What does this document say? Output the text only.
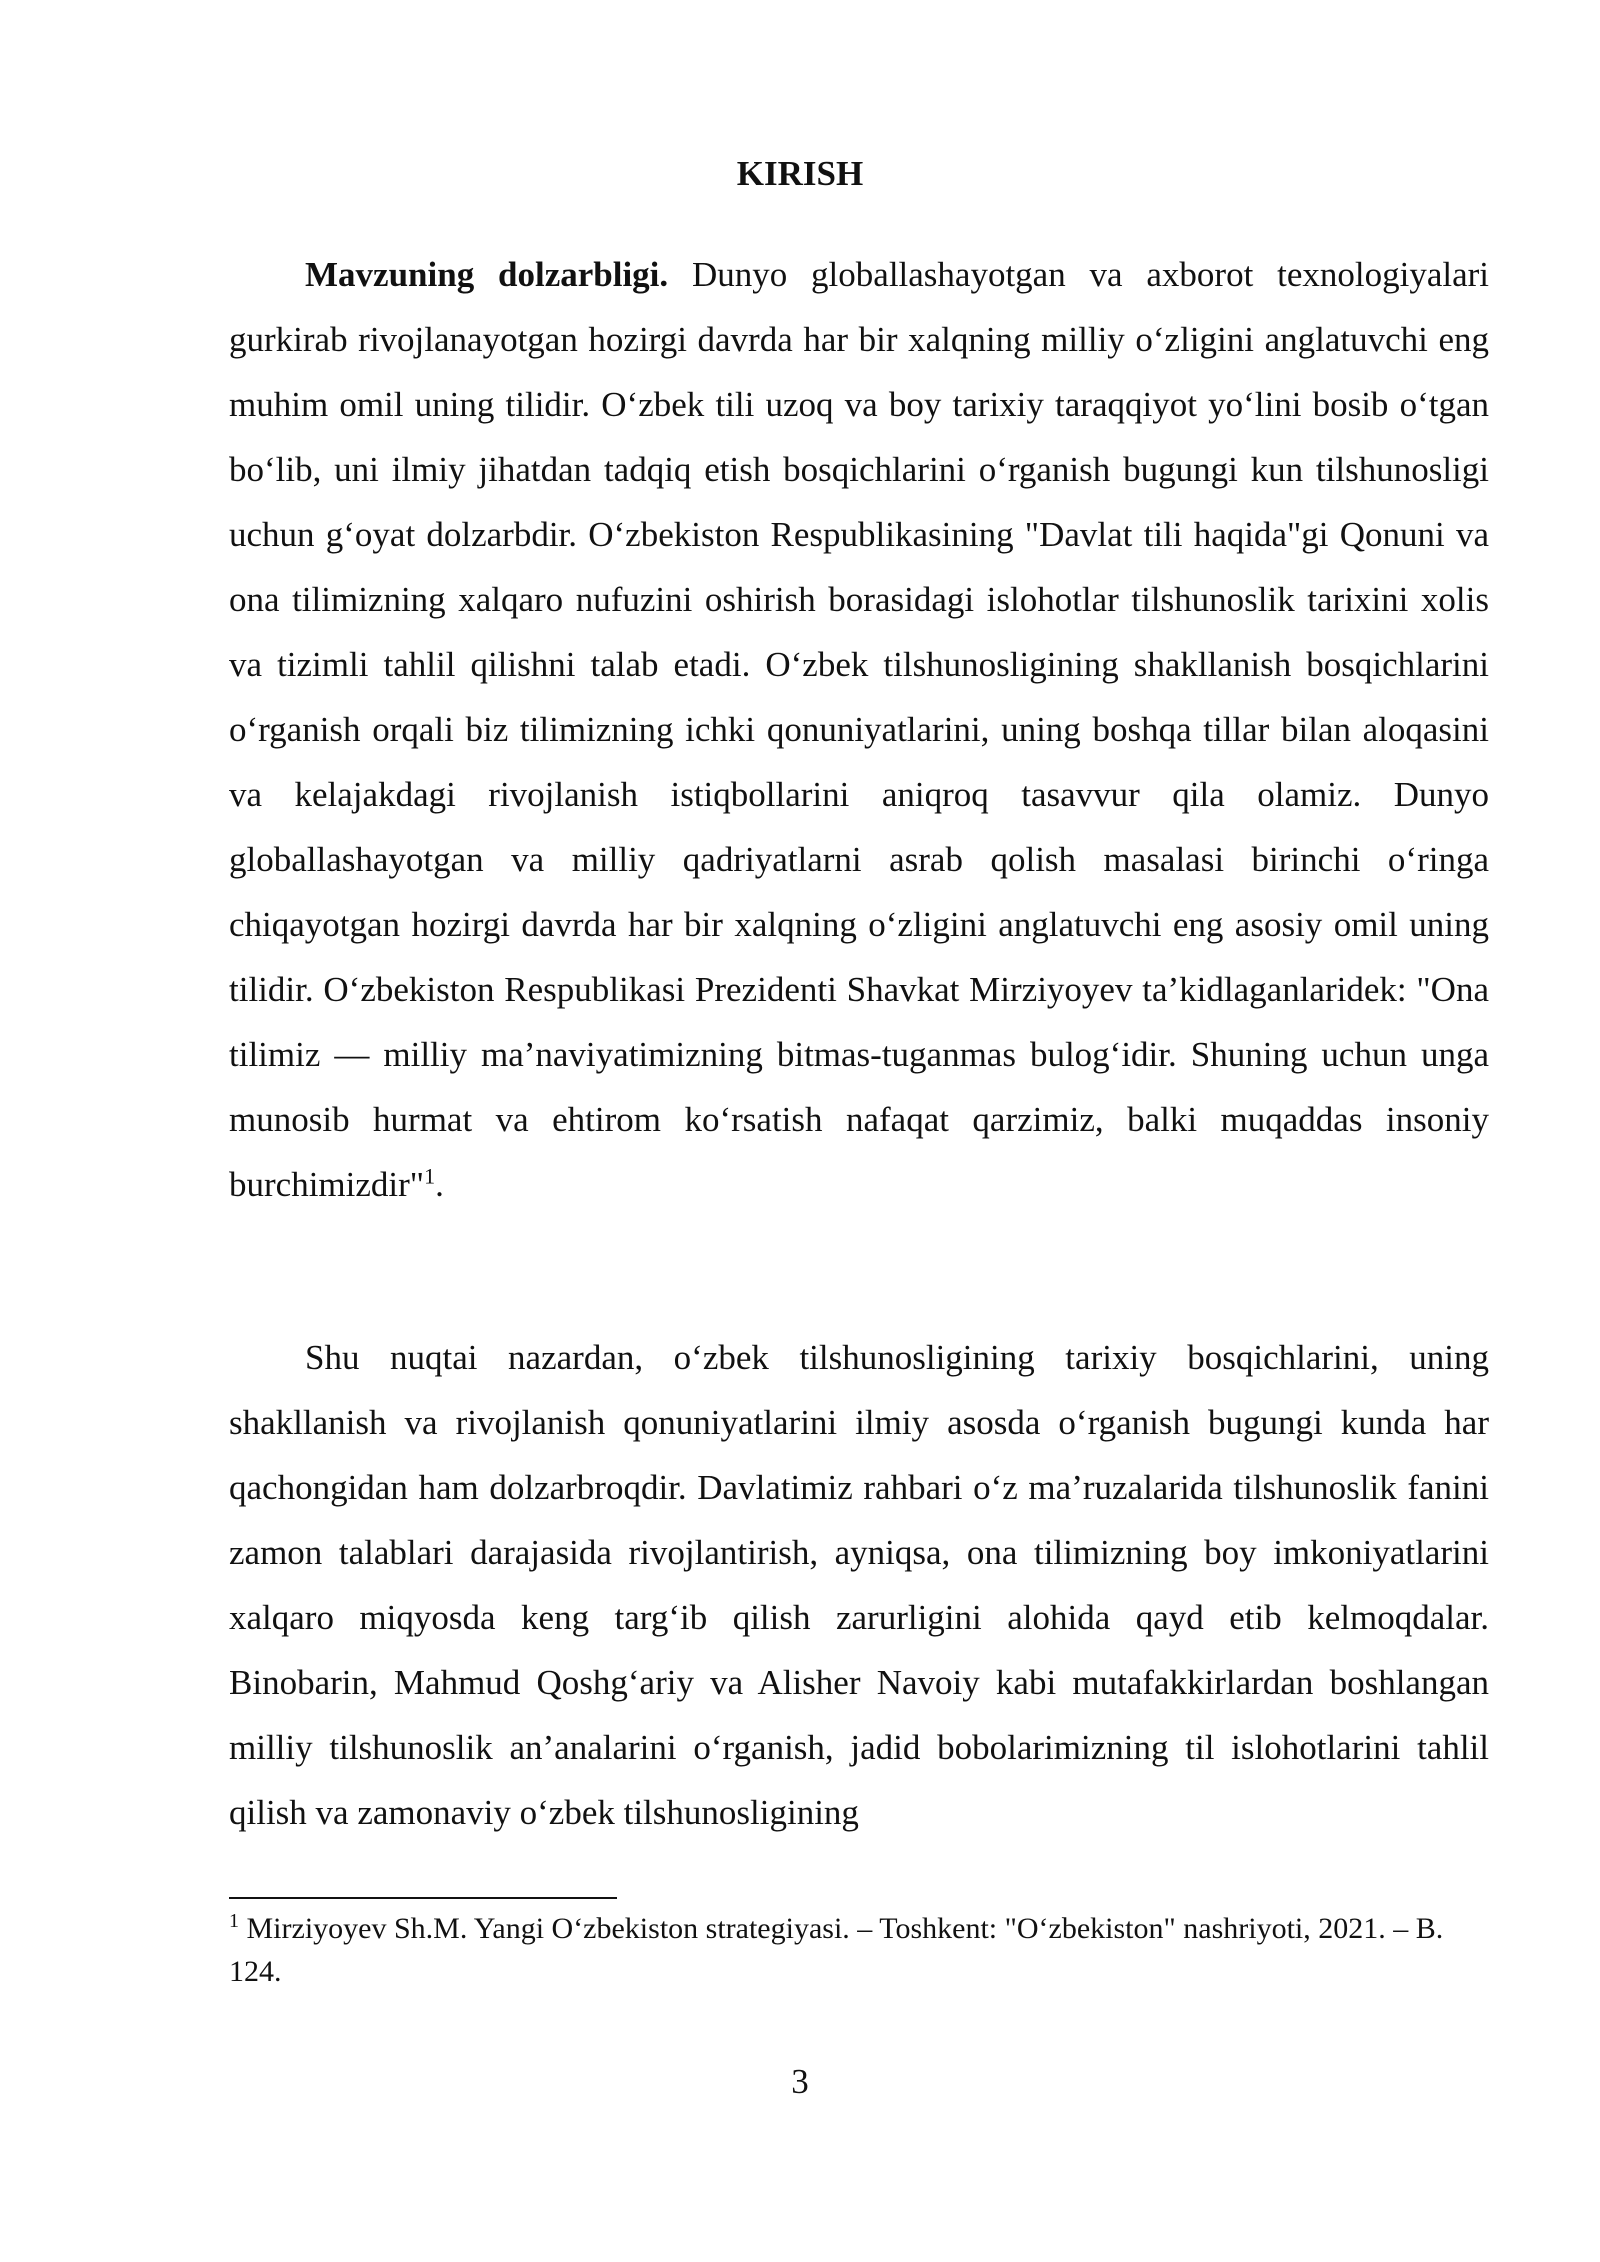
KIRISH

Mavzuning dolzarbligi. Dunyo globallashayotgan va axborot texnologiyalari gurkirab rivojlanayotgan hozirgi davrda har bir xalqning milliy o‘zligini anglatuvchi eng muhim omil uning tilidir. O‘zbek tili uzoq va boy tarixiy taraqqiyot yo‘lini bosib o‘tgan bo‘lib, uni ilmiy jihatdan tadqiq etish bosqichlarini o‘rganish bugungi kun tilshunosligi uchun g‘oyat dolzarbdir. O‘zbekiston Respublikasining "Davlat tili haqida"gi Qonuni va ona tilimizning xalqaro nufuzini oshirish borasidagi islohotlar tilshunoslik tarixini xolis va tizimli tahlil qilishni talab etadi. O‘zbek tilshunosligining shakllanish bosqichlarini o‘rganish orqali biz tilimizning ichki qonuniyatlarini, uning boshqa tillar bilan aloqasini va kelajakdagi rivojlanish istiqbollarini aniqroq tasavvur qila olamiz. Dunyo globallashayotgan va milliy qadriyatlarni asrab qolish masalasi birinchi o‘ringa chiqayotgan hozirgi davrda har bir xalqning o‘zligini anglatuvchi eng asosiy omil uning tilidir. O‘zbekiston Respublikasi Prezidenti Shavkat Mirziyoyev ta’kidlaganlaridek: "Ona tilimiz — milliy ma’naviyatimizning bitmas-tuganmas bulog‘idir. Shuning uchun unga munosib hurmat va ehtirom ko‘rsatish nafaqat qarzimiz, balki muqaddas insoniy burchimizdir"$^1$.

Shu nuqtai nazardan, o‘zbek tilshunosligining tarixiy bosqichlarini, uning shakllanish va rivojlanish qonuniyatlarini ilmiy asosda o‘rganish bugungi kunda har qachongidan ham dolzarbroqdir. Davlatimiz rahbari o‘z ma’ruzalarida tilshunoslik fanini zamon talablari darajasida rivojlantirish, ayniqsa, ona tilimizning boy imkoniyatlarini xalqaro miqyosda keng targ‘ib qilish zarurligini alohida qayd etib kelmoqdalar. Binobarin, Mahmud Qoshg‘ariy va Alisher Navoiy kabi mutafakkirlardan boshlangan milliy tilshunoslik an’analarini o‘rganish, jadid bobolarimizning til islohotlarini tahlil qilish va zamonaviy o‘zbek tilshunosligining

$^1$ Mirziyoyev Sh.M. Yangi O‘zbekiston strategiyasi. – Toshkent: "O‘zbekiston" nashriyoti, 2021. – B. 124.

3
